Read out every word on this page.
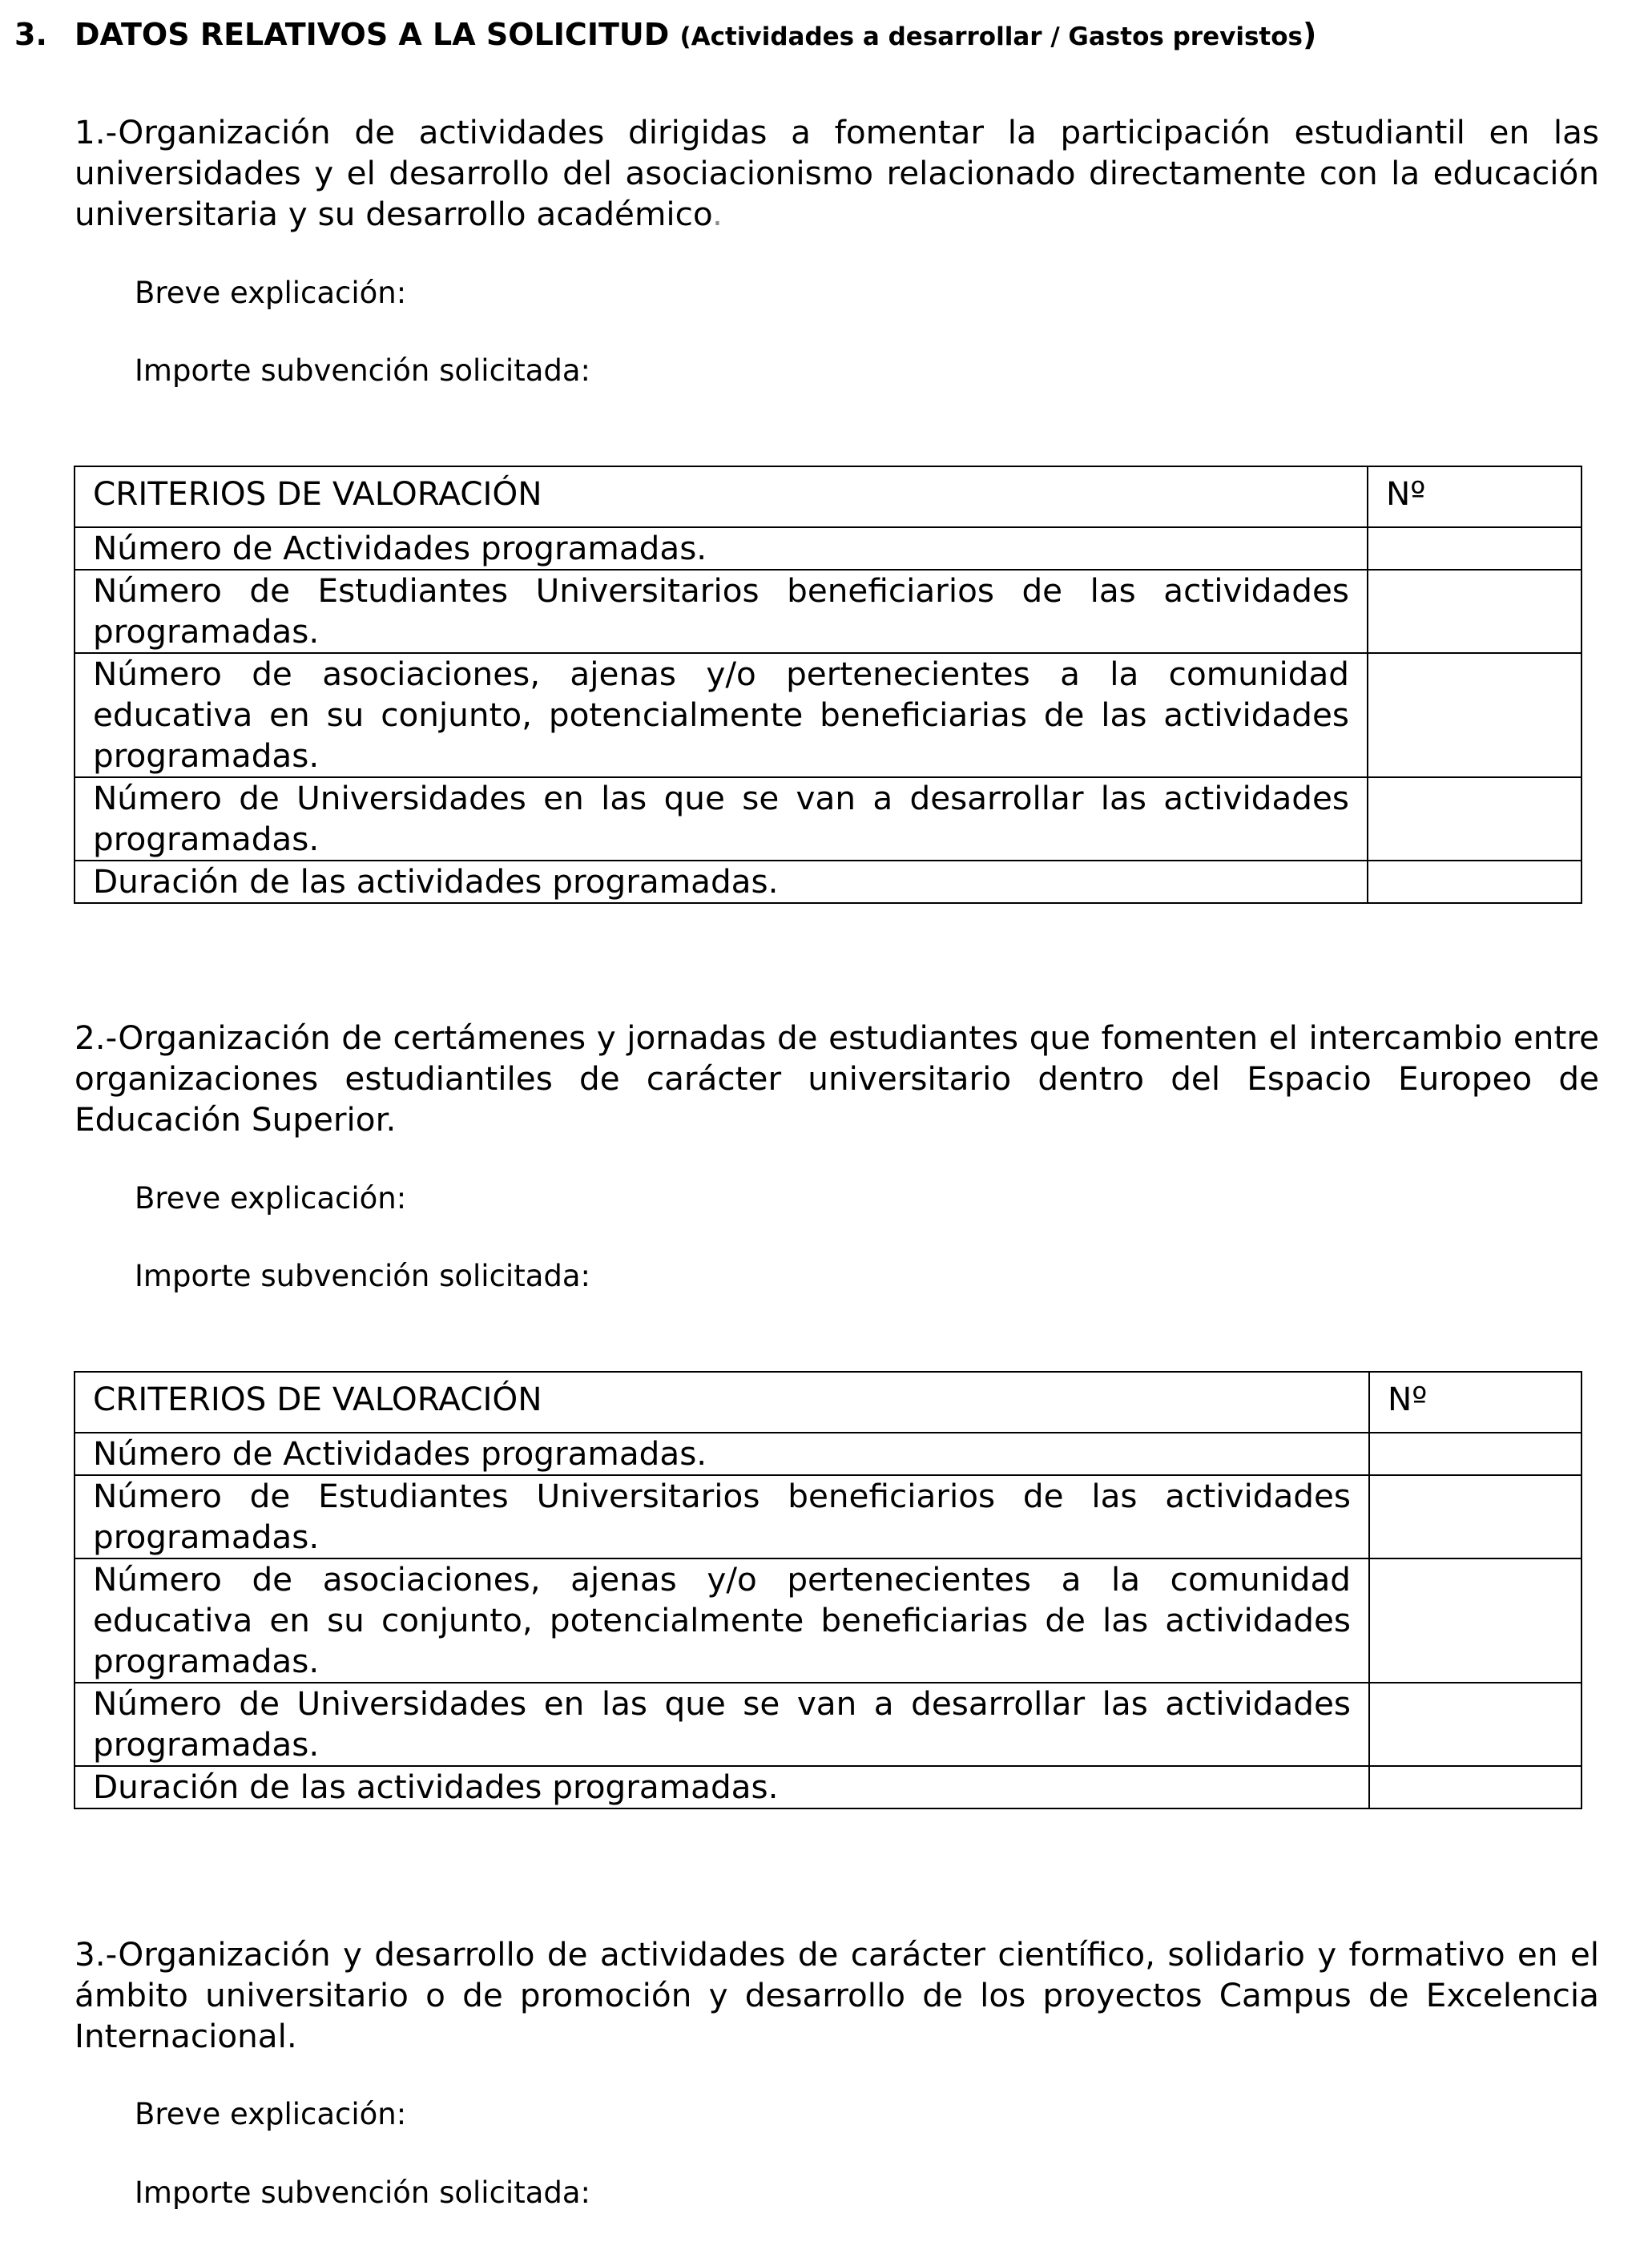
3. DATOS RELATIVOS A LA SOLICITUD (Actividades a desarrollar / Gastos previstos)

1.-Organización de actividades dirigidas a fomentar la participación estudiantil en las universidades y el desarrollo del asociacionismo relacionado directamente con la educación universitaria y su desarrollo académico.

Breve explicación:

Importe subvención solicitada:

CRITERIOS DE VALORACIÓN	Nº
Número de Actividades programadas.	
Número de Estudiantes Universitarios beneficiarios de las actividades programadas.	
Número de asociaciones, ajenas y/o pertenecientes a la comunidad educativa en su conjunto, potencialmente beneficiarias de las actividades programadas.	
Número de Universidades en las que se van a desarrollar las actividades programadas.	
Duración de las actividades programadas.	

2.-Organización de certámenes y jornadas de estudiantes que fomenten el intercambio entre organizaciones estudiantiles de carácter universitario dentro del Espacio Europeo de Educación Superior.

Breve explicación:

Importe subvención solicitada:

CRITERIOS DE VALORACIÓN	Nº
Número de Actividades programadas.	
Número de Estudiantes Universitarios beneficiarios de las actividades programadas.	
Número de asociaciones, ajenas y/o pertenecientes a la comunidad educativa en su conjunto, potencialmente beneficiarias de las actividades programadas.	
Número de Universidades en las que se van a desarrollar las actividades programadas.	
Duración de las actividades programadas.	

3.-Organización y desarrollo de actividades de carácter científico, solidario y formativo en el ámbito universitario o de promoción y desarrollo de los proyectos Campus de Excelencia Internacional.

Breve explicación:

Importe subvención solicitada:
